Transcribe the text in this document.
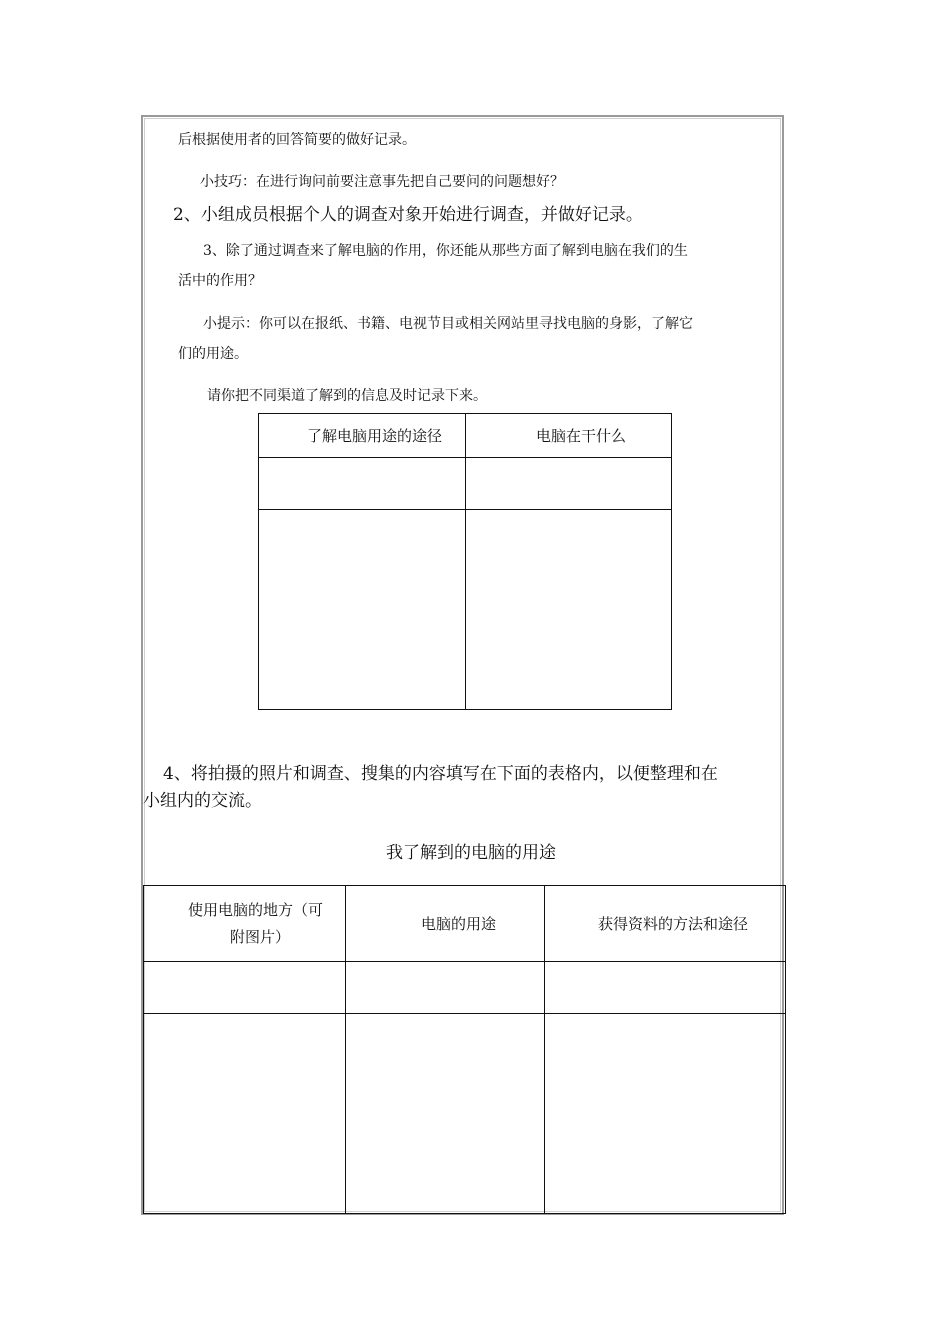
后根据使用者的回答简要的做好记录。
小技巧：在进行询问前要注意事先把自己要问的问题想好？
2、小组成员根据个人的调查对象开始进行调查，并做好记录。
3、除了通过调查来了解电脑的作用，你还能从那些方面了解到电脑在我们的生
活中的作用？
小提示：你可以在报纸、书籍、电视节目或相关网站里寻找电脑的身影，了解它
们的用途。
请你把不同渠道了解到的信息及时记录下来。
了解电脑用途的途径	电脑在干什么

4、将拍摄的照片和调查、搜集的内容填写在下面的表格内，以便整理和在
小组内的交流。
我了解到的电脑的用途
使用电脑的地方（可
附图片）	电脑的用途	获得资料的方法和途径
